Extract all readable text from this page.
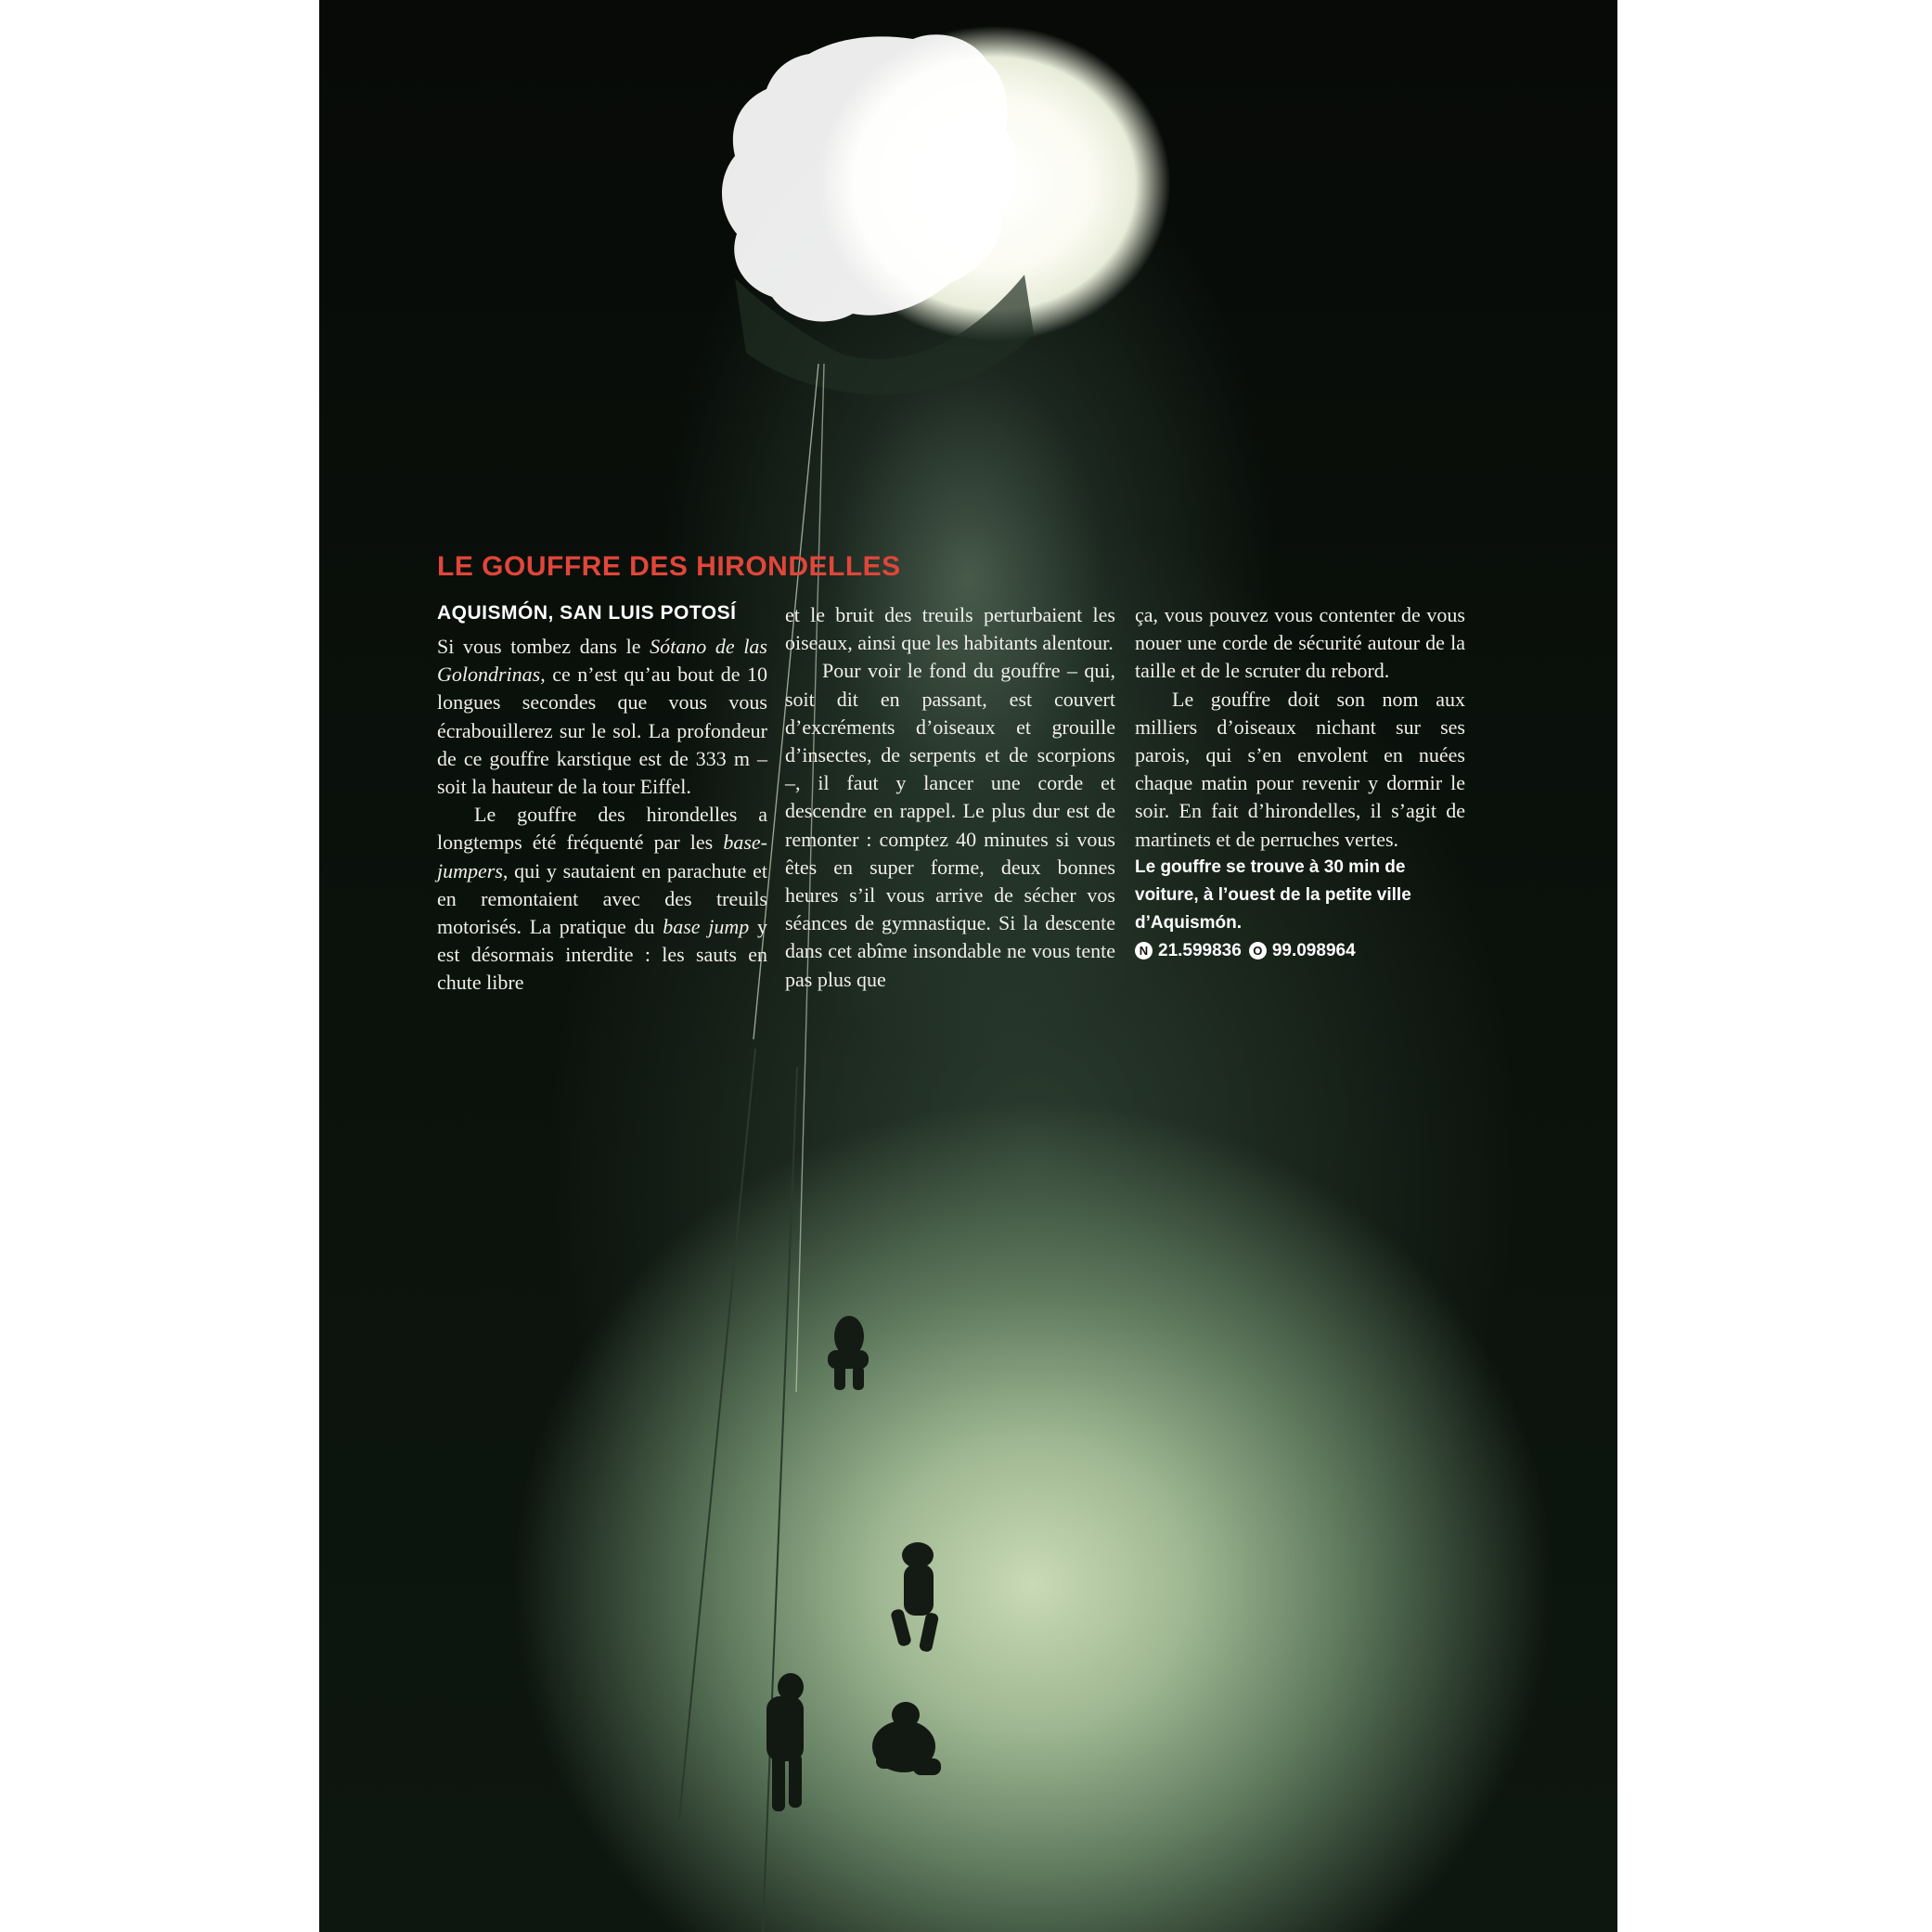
LE GOUFFRE DES HIRONDELLES
AQUISMÓN, SAN LUIS POTOSÍ

Si vous tombez dans le Sótano de las Golondrinas, ce n’est qu’au bout de 10 longues secondes que vous vous écrabouillerez sur le sol. La profondeur de ce gouffre karstique est de 333 m – soit la hauteur de la tour Eiffel.

Le gouffre des hirondelles a longtemps été fréquenté par les base-jumpers, qui y sautaient en parachute et en remontaient avec des treuils motorisés. La pratique du base jump y est désormais interdite : les sauts en chute libre

et le bruit des treuils perturbaient les oiseaux, ainsi que les habitants alentour.

Pour voir le fond du gouffre – qui, soit dit en passant, est couvert d’excréments d’oiseaux et grouille d’insectes, de serpents et de scorpions –, il faut y lancer une corde et descendre en rappel. Le plus dur est de remonter : comptez 40 minutes si vous êtes en super forme, deux bonnes heures s’il vous arrive de sécher vos séances de gymnastique. Si la descente dans cet abîme insondable ne vous tente pas plus que

ça, vous pouvez vous contenter de vous nouer une corde de sécurité autour de la taille et de le scruter du rebord.

Le gouffre doit son nom aux milliers d’oiseaux nichant sur ses parois, qui s’en envolent en nuées chaque matin pour revenir y dormir le soir. En fait d’hirondelles, il s’agit de martinets et de perruches vertes.

Le gouffre se trouve à 30 min de voiture, à l’ouest de la petite ville d’Aquismón.
N 21.599836 O 99.098964
